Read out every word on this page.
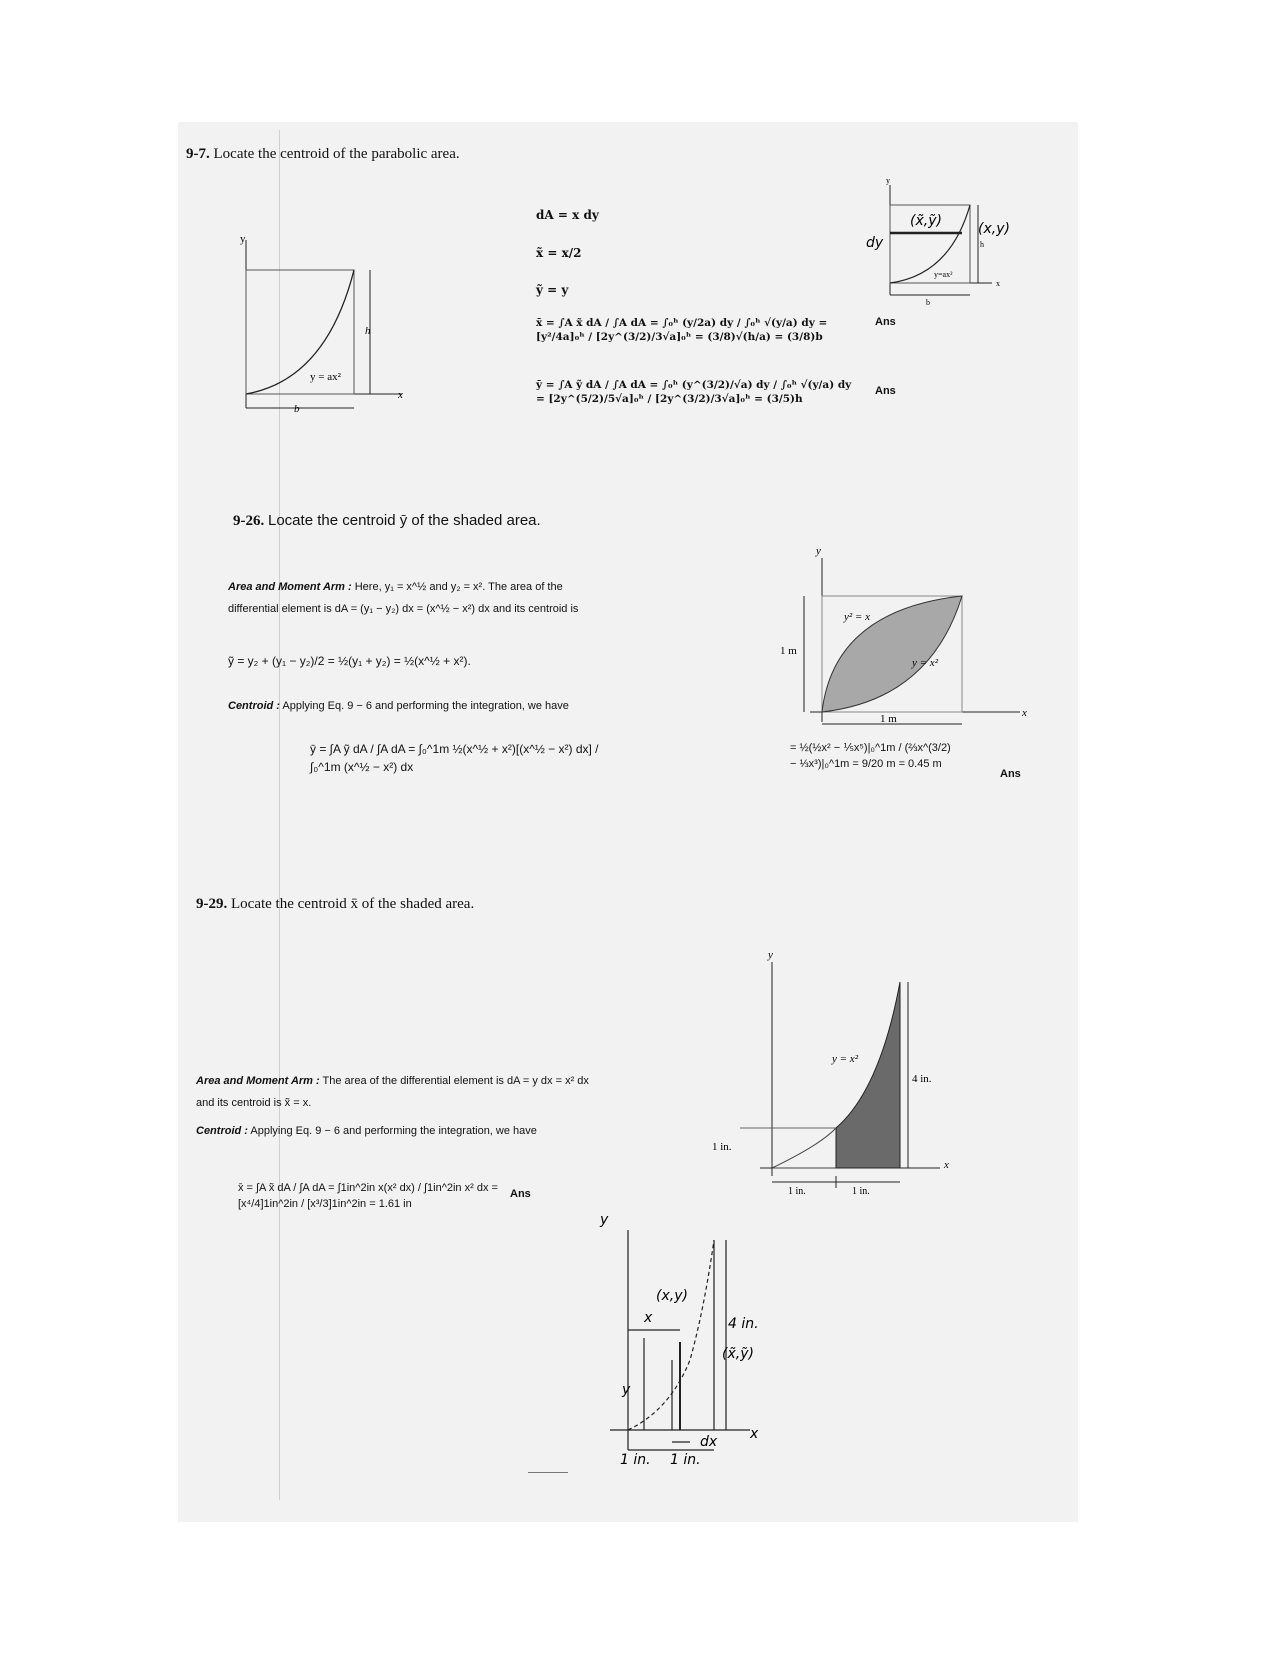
9-7. Locate the centroid of the parabolic area.
y
x
h
b
y = ax²
dA = x dy
x̃ = x/2
ỹ = y
x̄ = ∫A x̃ dA / ∫A dA = ∫₀ʰ (y/2a) dy / ∫₀ʰ √(y/a) dy = [y²/4a]₀ʰ / [2y^(3/2)/3√a]₀ʰ = (3/8)√(h/a) = (3/8)b
ȳ = ∫A ỹ dA / ∫A dA = ∫₀ʰ (y^(3/2)/√a) dy / ∫₀ʰ √(y/a) dy = [2y^(5/2)/5√a]₀ʰ / [2y^(3/2)/3√a]₀ʰ = (3/5)h
Ans
Ans
(x̃,ỹ)	(x,y)
dy
y=ax²
b
h
x
y
9-26. Locate the centroid ȳ of the shaded area.
Area and Moment Arm : Here, y₁ = x^½ and y₂ = x². The area of the differential element is dA = (y₁ − y₂) dx = (x^½ − x²) dx and its centroid is
ỹ = y₂ + (y₁ − y₂)/2 = ½(y₁ + y₂) = ½(x^½ + x²).
Centroid : Applying Eq. 9 − 6 and performing the integration, we have
ȳ = ∫A ỹ dA / ∫A dA = ∫₀^1m ½(x^½ + x²)[(x^½ − x²) dx] / ∫₀^1m (x^½ − x²) dx
y
x
y² = x
y = x²
1 m
1 m
= ½(½x² − ⅕x⁵)|₀^1m / (⅔x^(3/2) − ⅓x³)|₀^1m = 9/20 m = 0.45 m
Ans
9-29. Locate the centroid x̄ of the shaded area.
Area and Moment Arm : The area of the differential element is dA = y dx = x² dx and its centroid is x̃ = x.
Centroid : Applying Eq. 9 − 6 and performing the integration, we have
x̄ = ∫A x̃ dA / ∫A dA = ∫1in^2in x(x² dx) / ∫1in^2in x² dx = [x⁴/4]1in^2in / [x³/3]1in^2in = 1.61 in
Ans
y
x
y = x²
4 in.
1 in.
1 in.	1 in.
y
x
x
(x,y)
(x̃,ỹ)
y
4 in.
dx
1 in. 1 in.
